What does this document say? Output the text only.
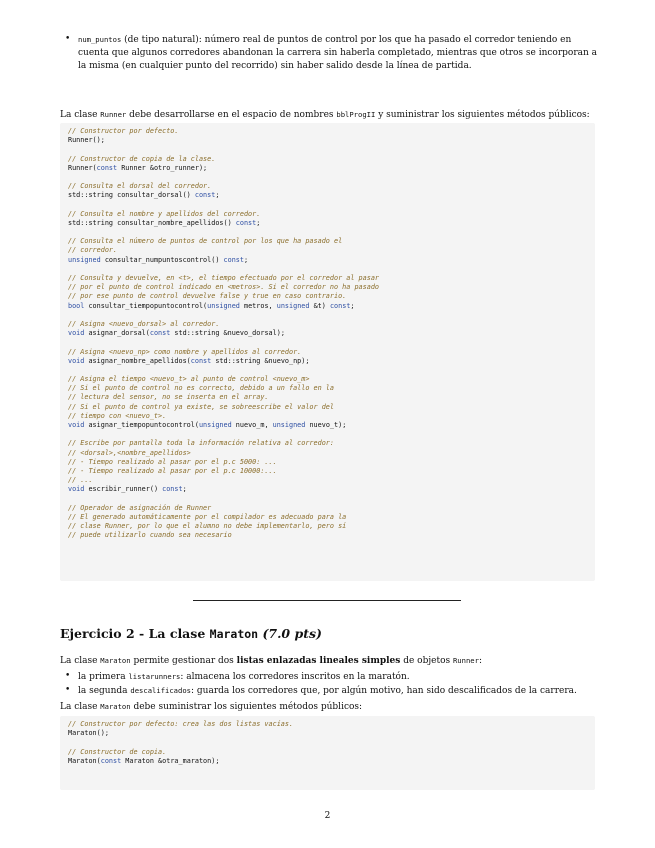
• num_puntos (de tipo natural): número real de puntos de control por los que ha pasado el corredor teniendo en cuenta que algunos corredores abandonan la carrera sin haberla completado, mientras que otros se incorporan a la misma (en cualquier punto del recorrido) sin haber salido desde la línea de partida.

La clase Runner debe desarrollarse en el espacio de nombres bblProgII y suministrar los siguientes métodos públicos:
// Constructor por defecto.
Runner();
// Constructor de copia de la clase.
Runner(const Runner &otro_runner);
// Consulta el dorsal del corredor.
std::string consultar_dorsal() const;
// Consulta el nombre y apellidos del corredor.
std::string consultar_nombre_apellidos() const;
// Consulta el número de puntos de control por los que ha pasado el
// corredor.
unsigned consultar_numpuntoscontrol() const;
// Consulta y devuelve, en <t>, el tiempo efectuado por el corredor al pasar
// por el punto de control indicado en <metros>. Si el corredor no ha pasado
// por ese punto de control devuelve false y true en caso contrario.
bool consultar_tiempopuntocontrol(unsigned metros, unsigned &t) const;
// Asigna <nuevo_dorsal> al corredor.
void asignar_dorsal(const std::string &nuevo_dorsal);
// Asigna <nuevo_np> como nombre y apellidos al corredor.
void asignar_nombre_apellidos(const std::string &nuevo_np);
// Asigna el tiempo <nuevo_t> al punto de control <nuevo_m>
// Si el punto de control no es correcto, debido a un fallo en la
// lectura del sensor, no se inserta en el array.
// Si el punto de control ya existe, se sobreescribe el valor del
// tiempo con <nuevo_t>.
void asignar_tiempopuntocontrol(unsigned nuevo_m, unsigned nuevo_t);
// Escribe por pantalla toda la información relativa al corredor:
// <dorsal>,<nombre_apellidos>
// - Tiempo realizado al pasar por el p.c 5000: ...
// - Tiempo realizado al pasar por el p.c 10000:...
// ...
void escribir_runner() const;
// Operador de asignación de Runner
// El generado automáticamente por el compilador es adecuado para la
// clase Runner, por lo que el alumno no debe implementarlo, pero sí
// puede utilizarlo cuando sea necesario
Ejercicio 2 - La clase Maraton (7.0 pts)
La clase Maraton permite gestionar dos listas enlazadas lineales simples de objetos Runner:
• la primera listarunners: almacena los corredores inscritos en la maratón.
• la segunda descalificados: guarda los corredores que, por algún motivo, han sido descalificados de la carrera.
La clase Maraton debe suministrar los siguientes métodos públicos:
// Constructor por defecto: crea las dos listas vacías.
Maraton();
// Constructor de copia.
Maraton(const Maraton &otra_maraton);
2
